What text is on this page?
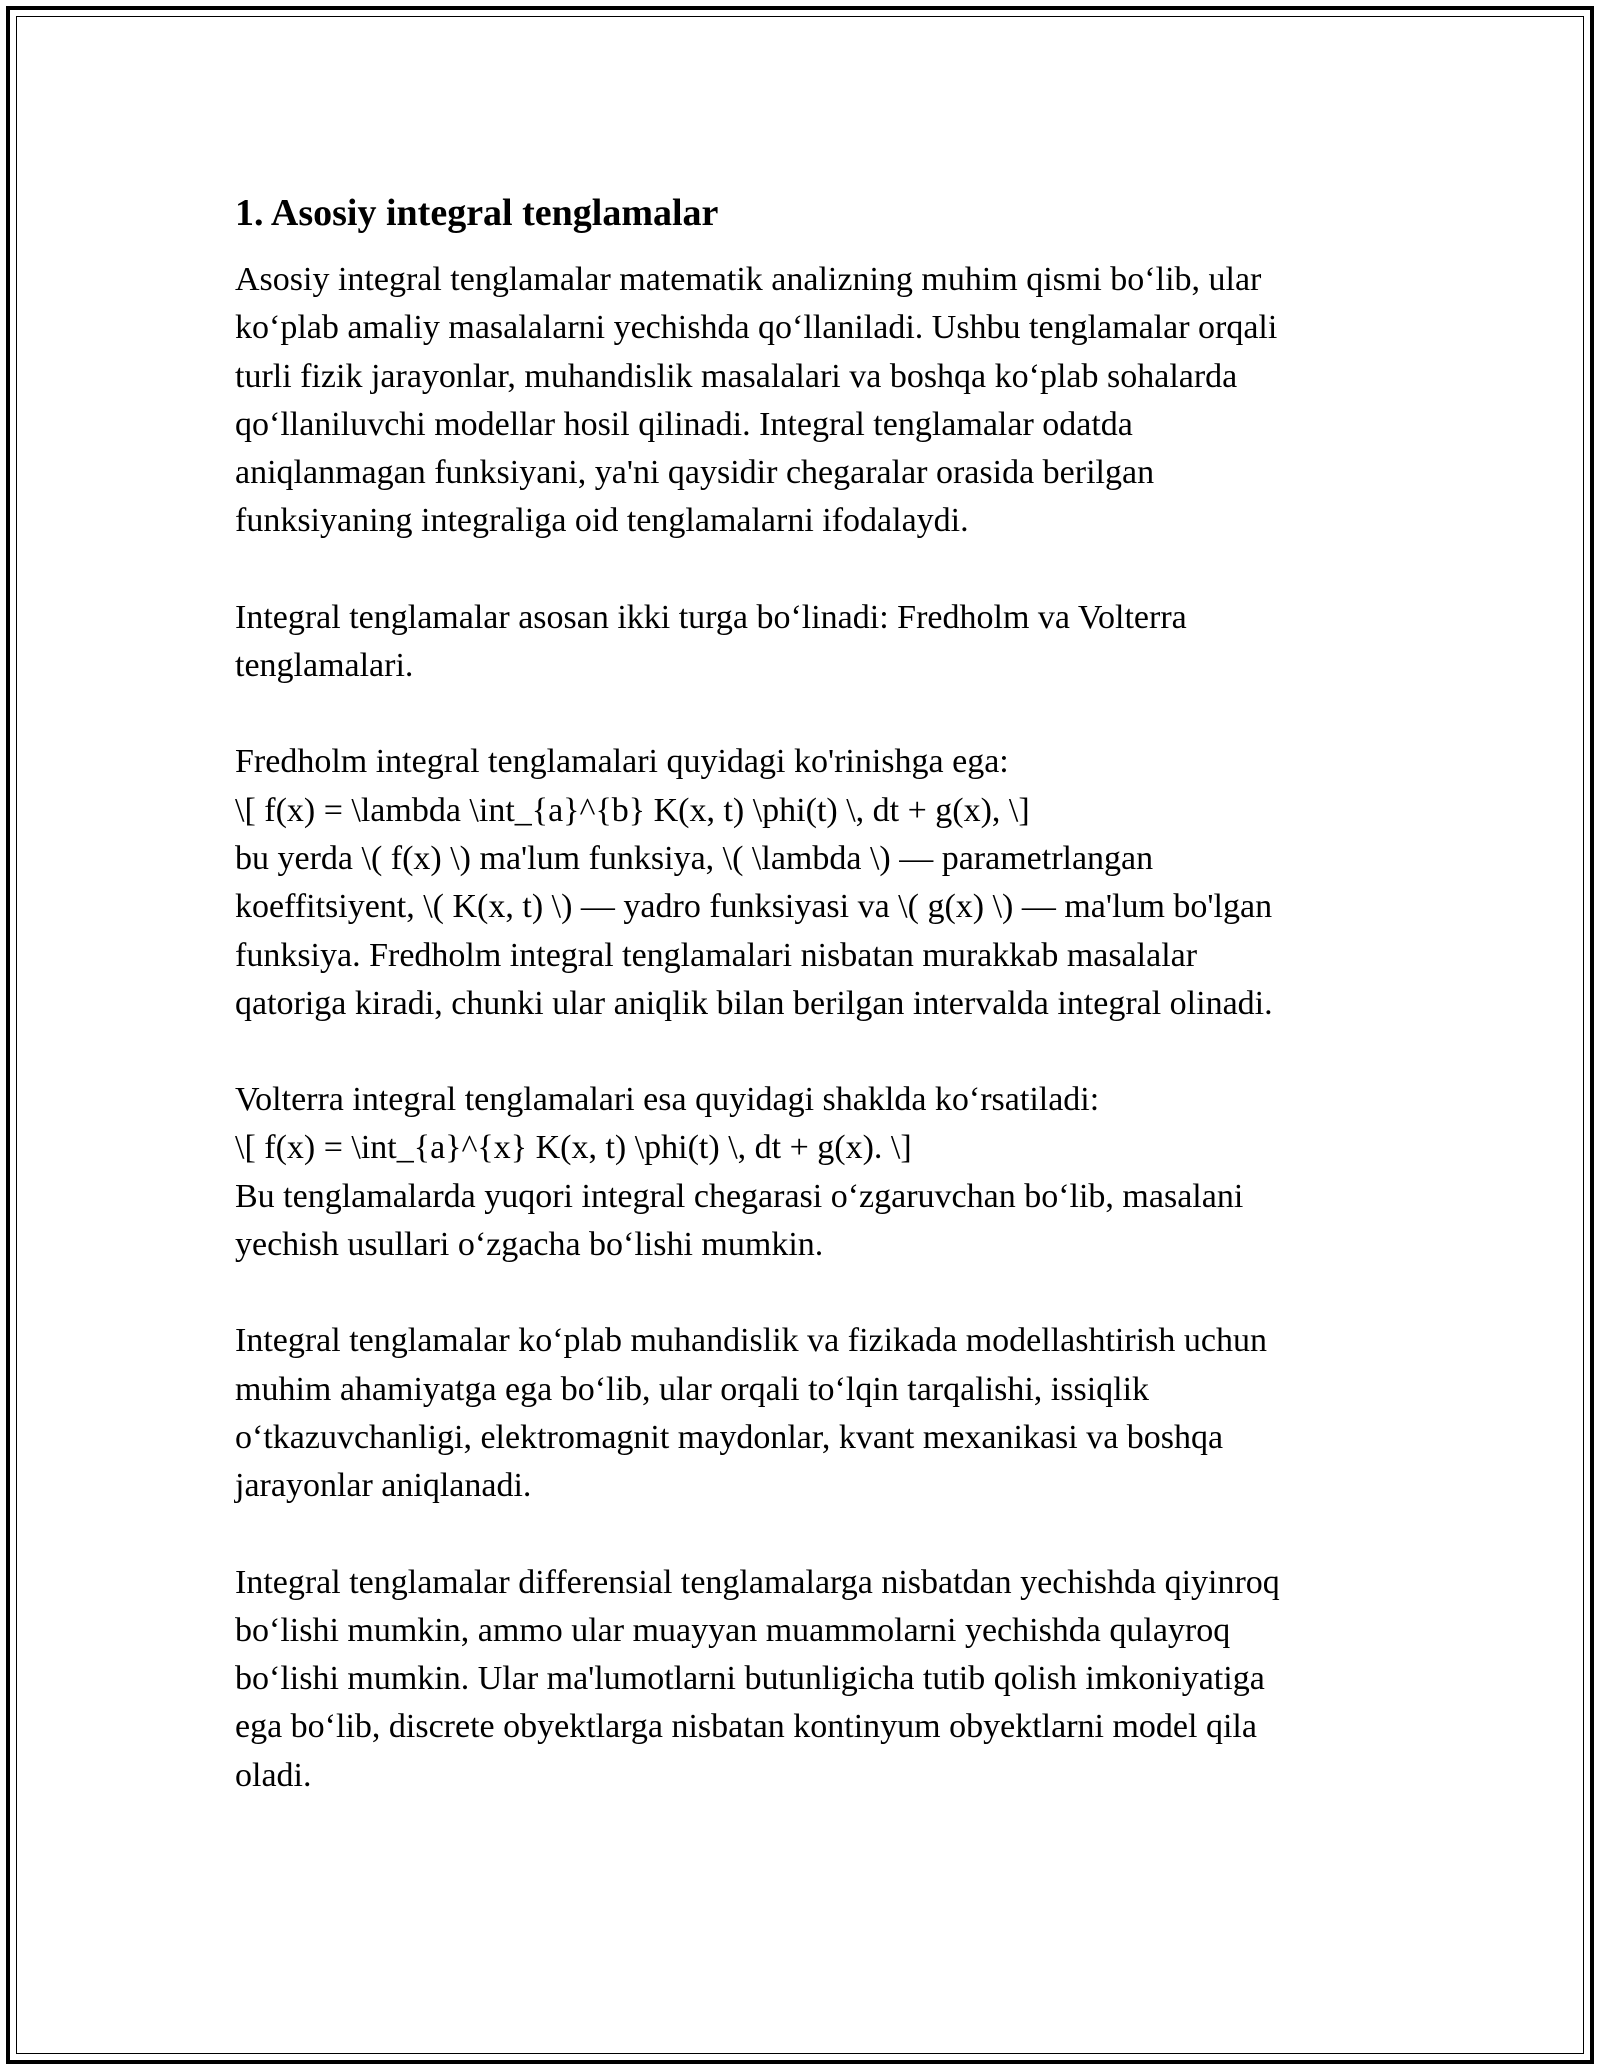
1. Asosiy integral tenglamalar

Asosiy integral tenglamalar matematik analizning muhim qismi bo‘lib, ular
ko‘plab amaliy masalalarni yechishda qo‘llaniladi. Ushbu tenglamalar orqali
turli fizik jarayonlar, muhandislik masalalari va boshqa ko‘plab sohalarda
qo‘llaniluvchi modellar hosil qilinadi. Integral tenglamalar odatda
aniqlanmagan funksiyani, ya'ni qaysidir chegaralar orasida berilgan
funksiyaning integraliga oid tenglamalarni ifodalaydi.

Integral tenglamalar asosan ikki turga bo‘linadi: Fredholm va Volterra
tenglamalari.

Fredholm integral tenglamalari quyidagi ko'rinishga ega:
\[ f(x) = \lambda \int_{a}^{b} K(x, t) \phi(t) \, dt + g(x), \]
bu yerda \( f(x) \) ma'lum funksiya, \( \lambda \) — parametrlangan
koeffitsiyent, \( K(x, t) \) — yadro funksiyasi va \( g(x) \) — ma'lum bo'lgan
funksiya. Fredholm integral tenglamalari nisbatan murakkab masalalar
qatoriga kiradi, chunki ular aniqlik bilan berilgan intervalda integral olinadi.

Volterra integral tenglamalari esa quyidagi shaklda ko‘rsatiladi:
\[ f(x) = \int_{a}^{x} K(x, t) \phi(t) \, dt + g(x). \]
Bu tenglamalarda yuqori integral chegarasi o‘zgaruvchan bo‘lib, masalani
yechish usullari o‘zgacha bo‘lishi mumkin.

Integral tenglamalar ko‘plab muhandislik va fizikada modellashtirish uchun
muhim ahamiyatga ega bo‘lib, ular orqali to‘lqin tarqalishi, issiqlik
o‘tkazuvchanligi, elektromagnit maydonlar, kvant mexanikasi va boshqa
jarayonlar aniqlanadi.

Integral tenglamalar differensial tenglamalarga nisbatdan yechishda qiyinroq
bo‘lishi mumkin, ammo ular muayyan muammolarni yechishda qulayroq
bo‘lishi mumkin. Ular ma'lumotlarni butunligicha tutib qolish imkoniyatiga
ega bo‘lib, discrete obyektlarga nisbatan kontinyum obyektlarni model qila
oladi.
